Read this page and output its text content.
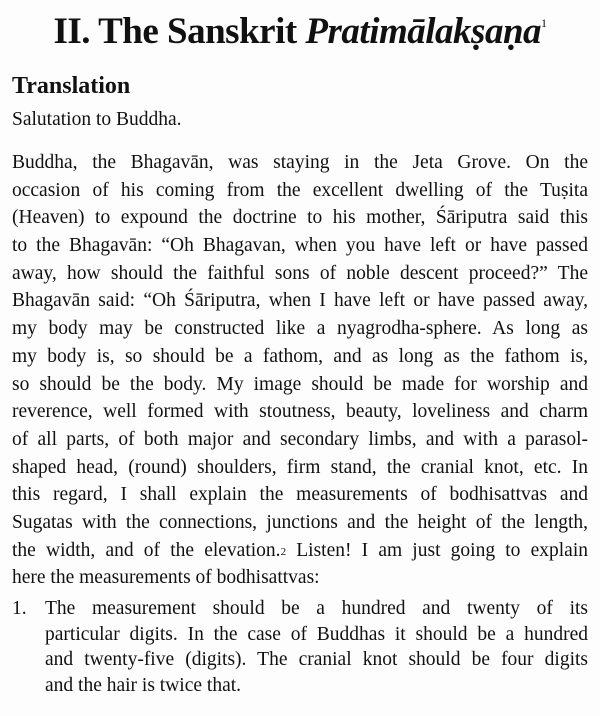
II. The Sanskrit Pratimālakṣaṇa$^1$
Translation
Salutation to Buddha.
Buddha, the Bhagavān, was staying in the Jeta Grove. On the
occasion of his coming from the excellent dwelling of the Tuṣita
(Heaven) to expound the doctrine to his mother, Śāriputra said this
to the Bhagavān: “Oh Bhagavan, when you have left or have passed
away, how should the faithful sons of noble descent proceed?” The
Bhagavān said: “Oh Śāriputra, when I have left or have passed away,
my body may be constructed like a nyagrodha-sphere. As long as
my body is, so should be a fathom, and as long as the fathom is,
so should be the body. My image should be made for worship and
reverence, well formed with stoutness, beauty, loveliness and charm
of all parts, of both major and secondary limbs, and with a parasol-
shaped head, (round) shoulders, firm stand, the cranial knot, etc. In
this regard, I shall explain the measurements of bodhisattvas and
Sugatas with the connections, junctions and the height of the length,
the width, and of the elevation.$^2$ Listen! I am just going to explain
here the measurements of bodhisattvas:
1. The measurement should be a hundred and twenty of its
particular digits. In the case of Buddhas it should be a hundred
and twenty-five (digits). The cranial knot should be four digits
and the hair is twice that.
